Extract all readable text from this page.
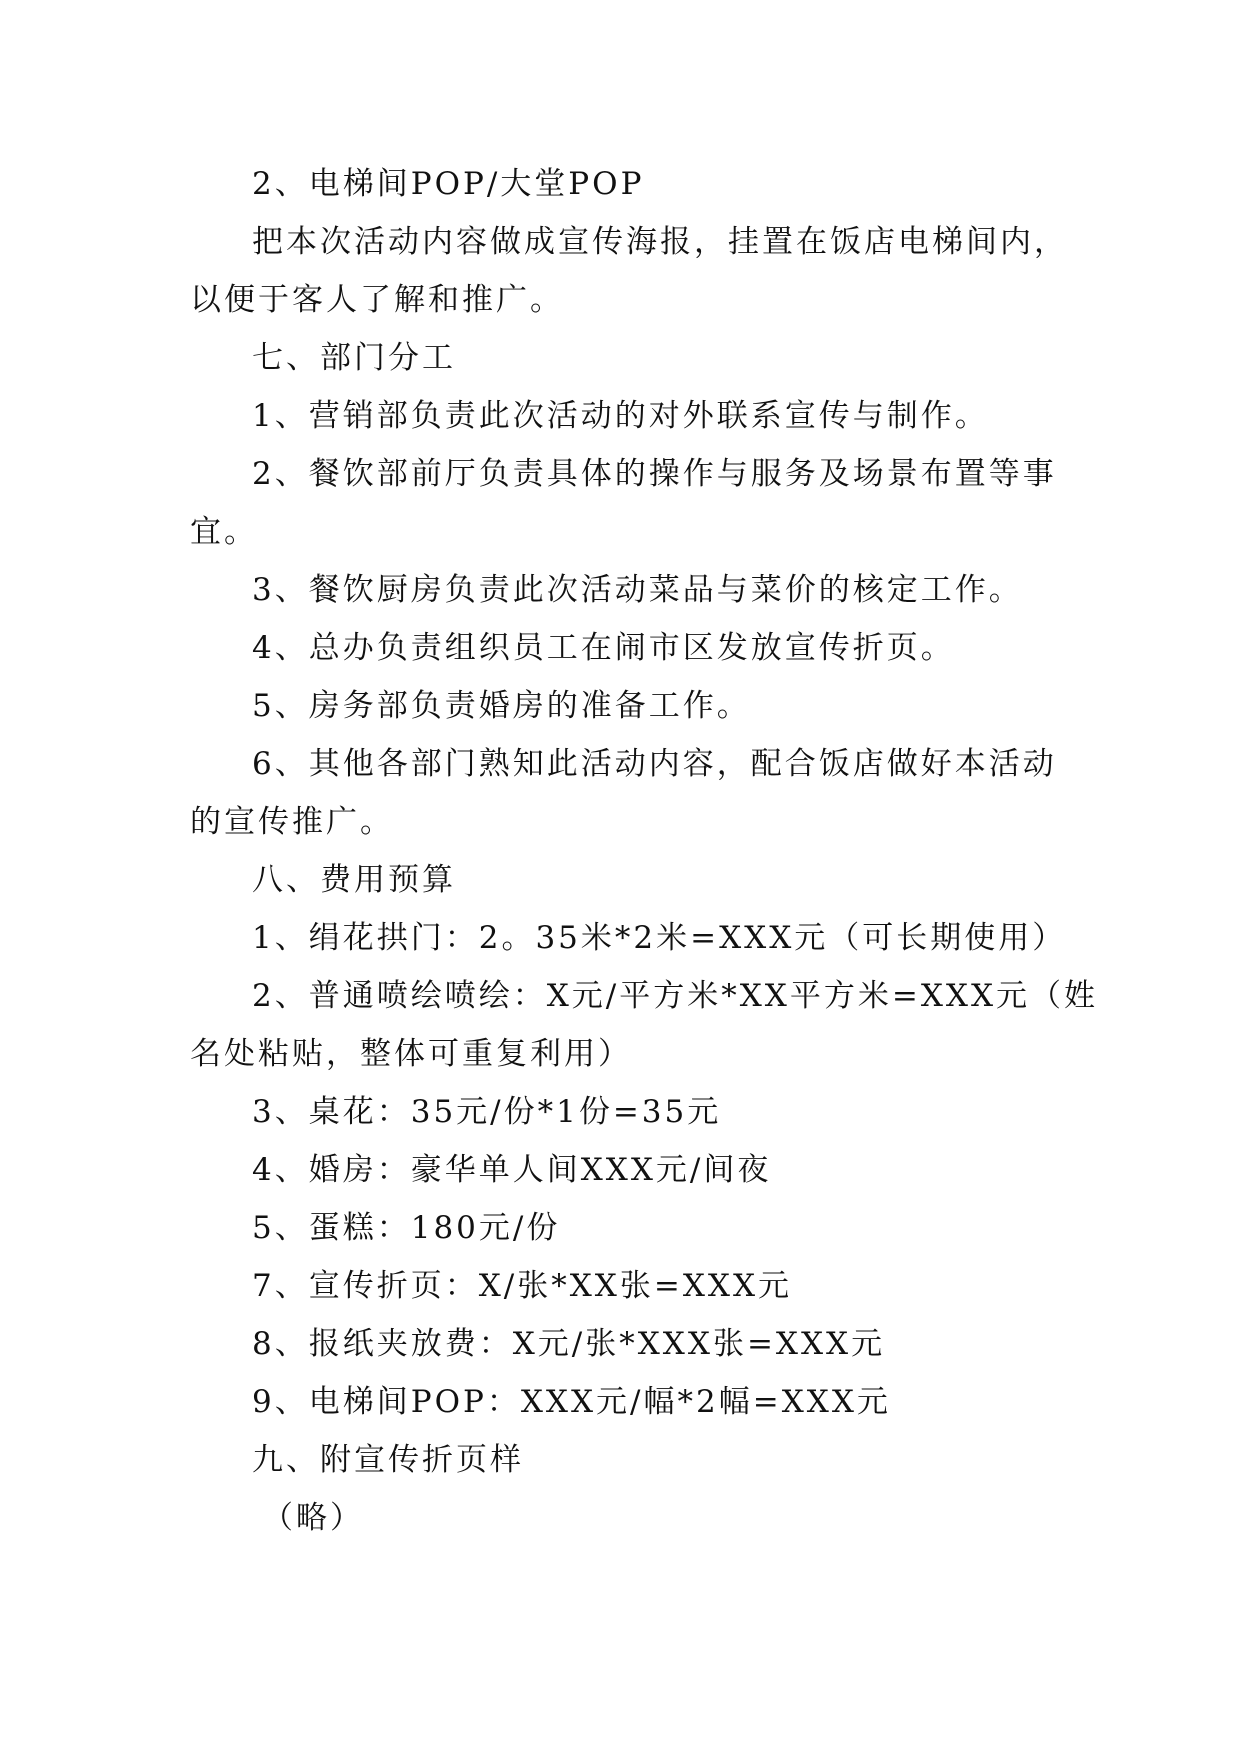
2、电梯间POP/大堂POP
把本次活动内容做成宣传海报，挂置在饭店电梯间内，
以便于客人了解和推广。
七、部门分工
1、营销部负责此次活动的对外联系宣传与制作。
2、餐饮部前厅负责具体的操作与服务及场景布置等事
宜。
3、餐饮厨房负责此次活动菜品与菜价的核定工作。
4、总办负责组织员工在闹市区发放宣传折页。
5、房务部负责婚房的准备工作。
6、其他各部门熟知此活动内容，配合饭店做好本活动
的宣传推广。
八、费用预算
1、绢花拱门：2。35米*2米=XXX元（可长期使用）
2、普通喷绘喷绘：X元/平方米*XX平方米=XXX元（姓
名处粘贴，整体可重复利用）
3、桌花：35元/份*1份=35元
4、婚房：豪华单人间XXX元/间夜
5、蛋糕：180元/份
7、宣传折页：X/张*XX张=XXX元
8、报纸夹放费：X元/张*XXX张=XXX元
9、电梯间POP：XXX元/幅*2幅=XXX元
九、附宣传折页样
（略）
